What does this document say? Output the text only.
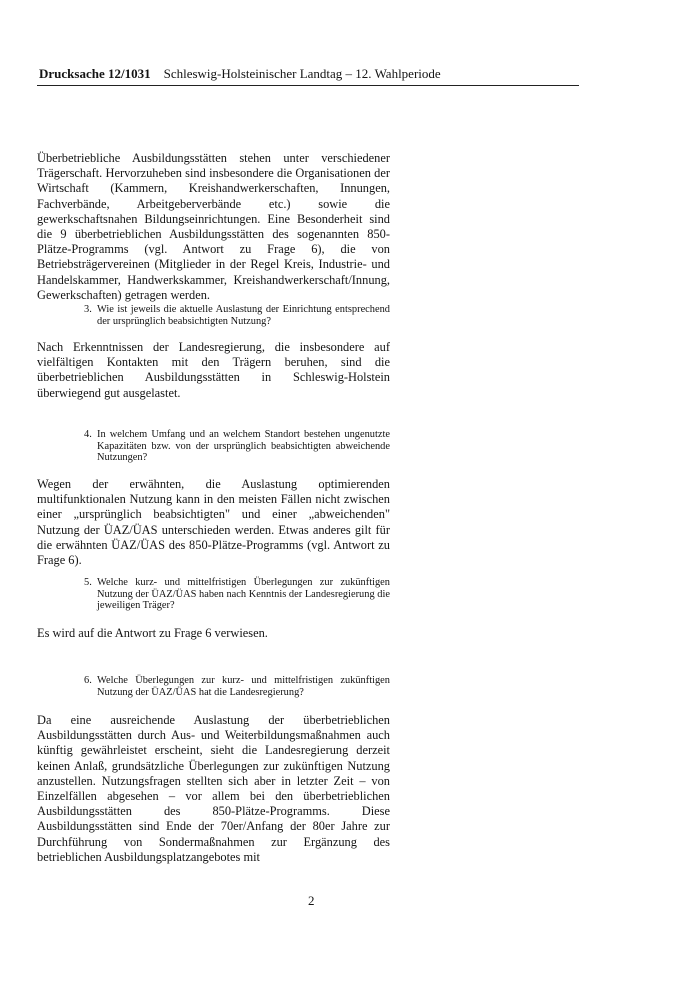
Drucksache 12/1031 Schleswig-Holsteinischer Landtag – 12. Wahlperiode

Überbetriebliche Ausbildungsstätten stehen unter verschiedener Trägerschaft. Hervorzuheben sind insbesondere die Organisationen der Wirtschaft (Kammern, Kreishandwerkerschaften, Innungen, Fachverbände, Arbeitgeberverbände etc.) sowie die gewerkschaftsnahen Bildungseinrichtungen. Eine Besonderheit sind die 9 überbetrieblichen Ausbildungsstätten des sogenannten 850-Plätze-Programms (vgl. Antwort zu Frage 6), die von Betriebsträgervereinen (Mitglieder in der Regel Kreis, Industrie- und Handelskammer, Handwerkskammer, Kreishandwerkerschaft/Innung, Gewerkschaften) getragen werden.

3. Wie ist jeweils die aktuelle Auslastung der Einrichtung entsprechend der ursprünglich beabsichtigten Nutzung?

Nach Erkenntnissen der Landesregierung, die insbesondere auf vielfältigen Kontakten mit den Trägern beruhen, sind die überbetrieblichen Ausbildungsstätten in Schleswig-Holstein überwiegend gut ausgelastet.

4. In welchem Umfang und an welchem Standort bestehen ungenutzte Kapazitäten bzw. von der ursprünglich beabsichtigten abweichende Nutzungen?

Wegen der erwähnten, die Auslastung optimierenden multifunktionalen Nutzung kann in den meisten Fällen nicht zwischen einer „ursprünglich beabsichtigten" und einer „abweichenden" Nutzung der ÜAZ/ÜAS unterschieden werden. Etwas anderes gilt für die erwähnten ÜAZ/ÜAS des 850-Plätze-Programms (vgl. Antwort zu Frage 6).

5. Welche kurz- und mittelfristigen Überlegungen zur zukünftigen Nutzung der ÜAZ/ÜAS haben nach Kenntnis der Landesregierung die jeweiligen Träger?

Es wird auf die Antwort zu Frage 6 verwiesen.

6. Welche Überlegungen zur kurz- und mittelfristigen zukünftigen Nutzung der ÜAZ/ÜAS hat die Landesregierung?

Da eine ausreichende Auslastung der überbetrieblichen Ausbildungsstätten durch Aus- und Weiterbildungsmaßnahmen auch künftig gewährleistet erscheint, sieht die Landesregierung derzeit keinen Anlaß, grundsätzliche Überlegungen zur zukünftigen Nutzung anzustellen. Nutzungsfragen stellten sich aber in letzter Zeit – von Einzelfällen abgesehen – vor allem bei den überbetrieblichen Ausbildungsstätten des 850-Plätze-Programms. Diese Ausbildungsstätten sind Ende der 70er/Anfang der 80er Jahre zur Durchführung von Sondermaßnahmen zur Ergänzung des betrieblichen Ausbildungsplatzangebotes mit

2
